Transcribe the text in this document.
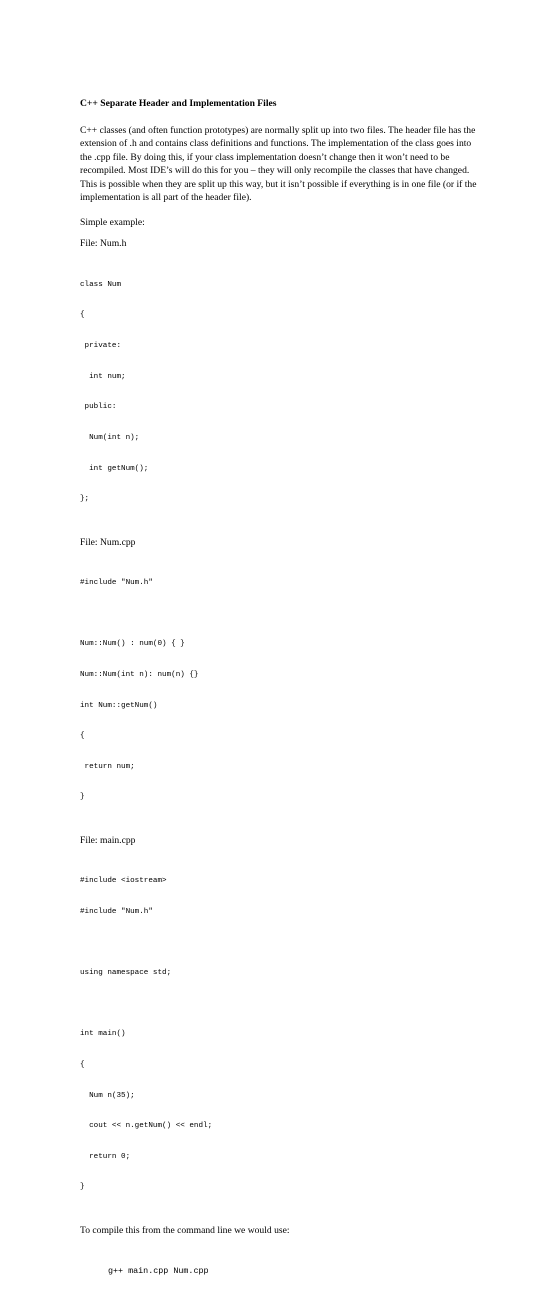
C++ Separate Header and Implementation Files
C++ classes (and often function prototypes) are normally split up into two files. The header file has the extension of .h and contains class definitions and functions. The implementation of the class goes into the .cpp file. By doing this, if your class implementation doesn’t change then it won’t need to be recompiled. Most IDE’s will do this for you – they will only recompile the classes that have changed. This is possible when they are split up this way, but it isn’t possible if everything is in one file (or if the implementation is all part of the header file).
Simple example:
File: Num.h

class Num

{

private:

int num;

public:

Num(int n);

int getNum();

};

File: Num.cpp

#include "Num.h"

Num::Num() : num(0) { }

Num::Num(int n): num(n) {}

int Num::getNum()

{

return num;

}

File: main.cpp

#include <iostream>

#include "Num.h"

using namespace std;

int main()

{

Num n(35);

cout << n.getNum() << endl;

return 0;

}

To compile this from the command line we would use:

g++ main.cpp Num.cpp
